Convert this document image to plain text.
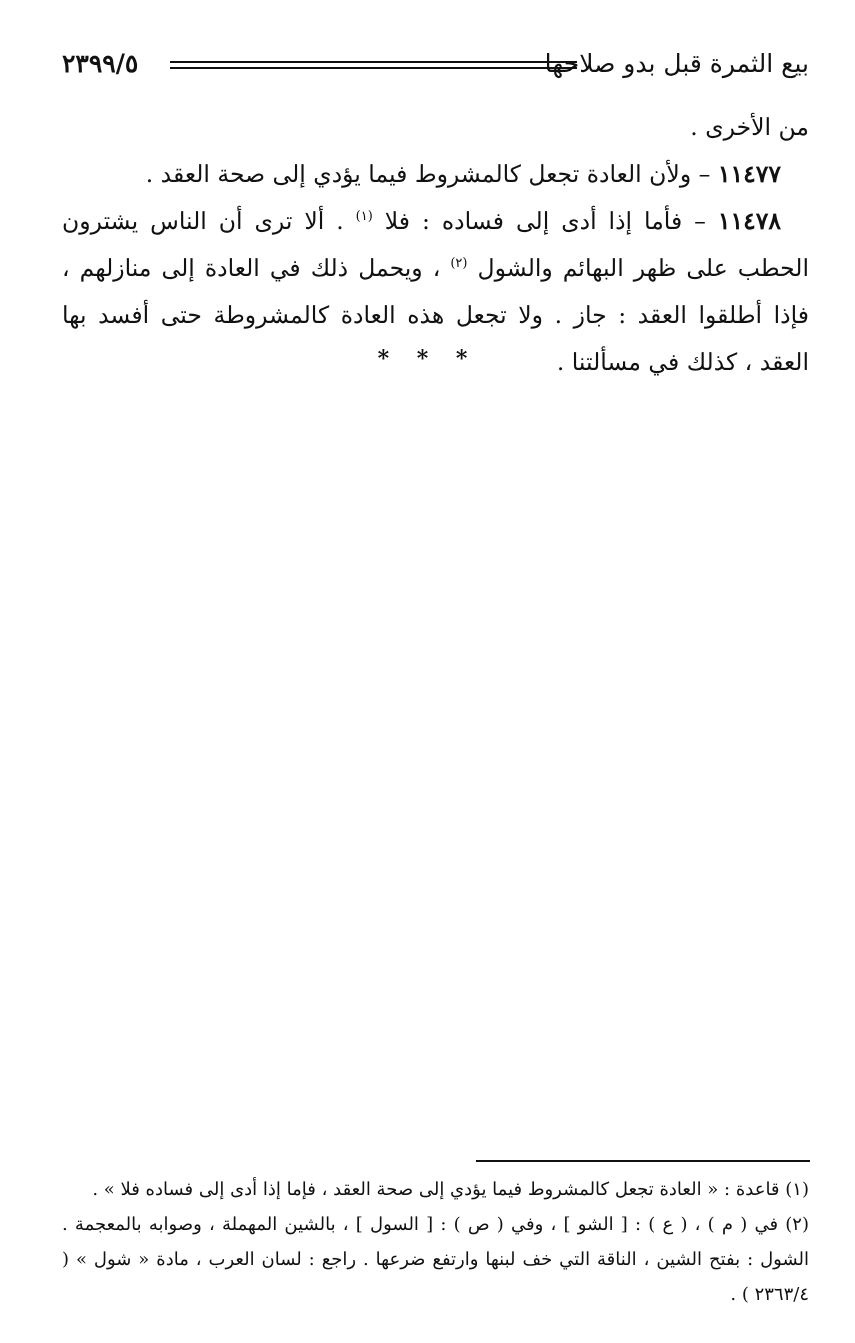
بيع الثمرة قبل بدو صلاحها
٢٣٩٩/٥

من الأخرى .

١١٤٧٧ – ولأن العادة تجعل كالمشروط فيما يؤدي إلى صحة العقد .

١١٤٧٨ – فأما إذا أدى إلى فساده : فلا $^{(١)}$ . ألا ترى أن الناس يشترون الحطب على ظهر البهائم والشول $^{(٢)}$ ، ويحمل ذلك في العادة إلى منازلهم ، فإذا أطلقوا العقد : جاز . ولا تجعل هذه العادة كالمشروطة حتى أفسد بها العقد ، كذلك في مسألتنا .

* * *

(١) قاعدة : « العادة تجعل كالمشروط فيما يؤدي إلى صحة العقد ، فإما إذا أدى إلى فساده فلا » .

(٢) في ( م ) ، ( ع ) : [ الشو ] ، وفي ( ص ) : [ السول ] ، بالشين المهملة ، وصوابه بالمعجمة . الشول : بفتح الشين ، الناقة التي خف لبنها وارتفع ضرعها . راجع : لسان العرب ، مادة « شول » ( ٢٣٦٣/٤ ) .
